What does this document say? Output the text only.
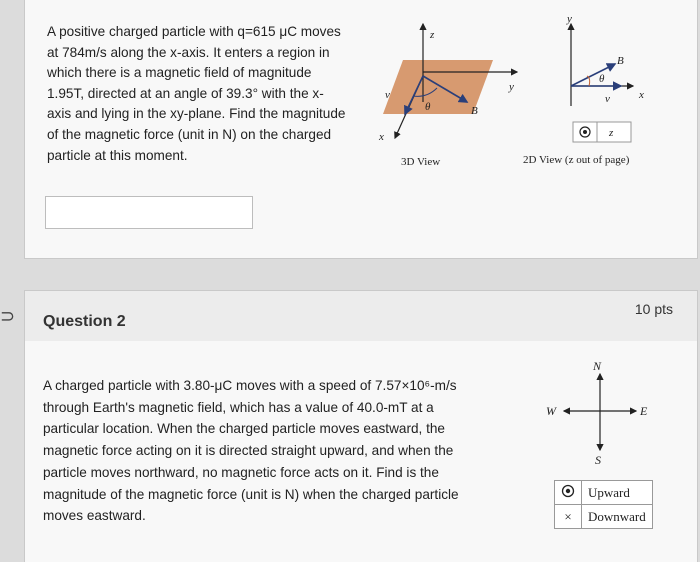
⊃
A positive charged particle with q=615 μC moves
at 784m/s along the x-axis. It enters a region in
which there is a magnetic field of magnitude
1.95T, directed at an angle of 39.3° with the x-
axis and lying in the xy-plane. Find the magnitude
of the magnetic force (unit in N) on the charged
particle at this moment.
z
y
x
v
θ	B
3D View
y
x
B
θ
v
z
2D View (z out of page)
Question 2
10 pts
A charged particle with 3.80-μC moves with a speed of 7.57×10⁶-m/s
through Earth's magnetic field, which has a value of 40.0-mT at a
particular location. When the charged particle moves eastward, the
magnetic force acting on it is directed straight upward, and when the
particle moves northward, no magnetic force acts on it. Find is the
magnitude of the magnetic force (unit is N) when the charged particle
moves eastward.
N
S
E
W
	Upward
×	Downward
